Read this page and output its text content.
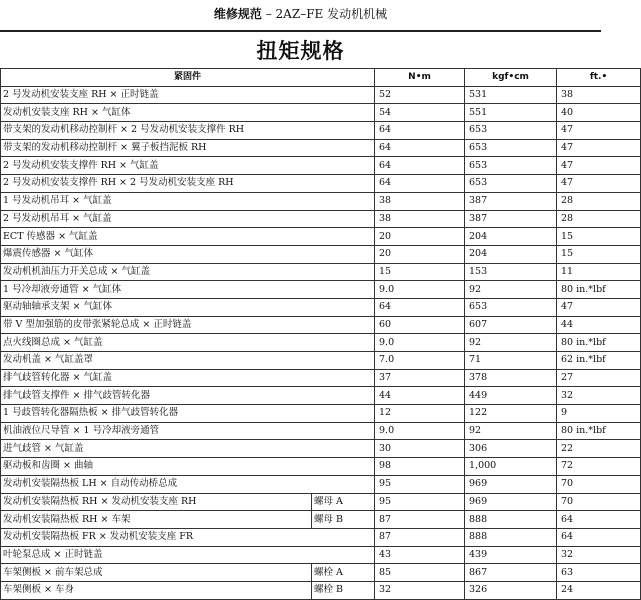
维修规范 – 2AZ–FE 发动机机械
扭矩规格
紧固件		N•m	kgf•cm	ft.•
2 号发动机安装支座 RH × 正时链盖		52	531	38
发动机安装支座 RH × 气缸体		54	551	40
带支架的发动机移动控制杆 × 2 号发动机安装支撑件 RH		64	653	47
带支架的发动机移动控制杆 × 翼子板挡泥板 RH		64	653	47
2 号发动机安装支撑件 RH × 气缸盖		64	653	47
2 号发动机安装支撑件 RH × 2 号发动机安装支座 RH		64	653	47
1 号发动机吊耳 × 气缸盖		38	387	28
2 号发动机吊耳 × 气缸盖		38	387	28
ECT 传感器 × 气缸盖		20	204	15
爆震传感器 × 气缸体		20	204	15
发动机机油压力开关总成 × 气缸盖		15	153	11
1 号冷却液旁通管 × 气缸体		9.0	92	80 in.*lbf
驱动轴轴承支架 × 气缸体		64	653	47
带 V 型加强筋的皮带张紧轮总成 × 正时链盖		60	607	44
点火线圈总成 × 气缸盖		9.0	92	80 in.*lbf
发动机盖 × 气缸盖罩		7.0	71	62 in.*lbf
排气歧管转化器 × 气缸盖		37	378	27
排气歧管支撑件 × 排气歧管转化器		44	449	32
1 号歧管转化器隔热板 × 排气歧管转化器		12	122	9
机油液位尺导管 × 1 号冷却液旁通管		9.0	92	80 in.*lbf
进气歧管 × 气缸盖		30	306	22
驱动板和齿圈 × 曲轴		98	1,000	72
发动机安装隔热板 LH × 自动传动桥总成		95	969	70
发动机安装隔热板 RH × 发动机安装支座 RH	螺母 A	95	969	70
发动机安装隔热板 RH × 车架	螺母 B	87	888	64
发动机安装隔热板 FR × 发动机安装支座 FR		87	888	64
叶轮泵总成 × 正时链盖		43	439	32
车架侧板 × 前车架总成	螺栓 A	85	867	63
车架侧板 × 车身	螺栓 B	32	326	24
